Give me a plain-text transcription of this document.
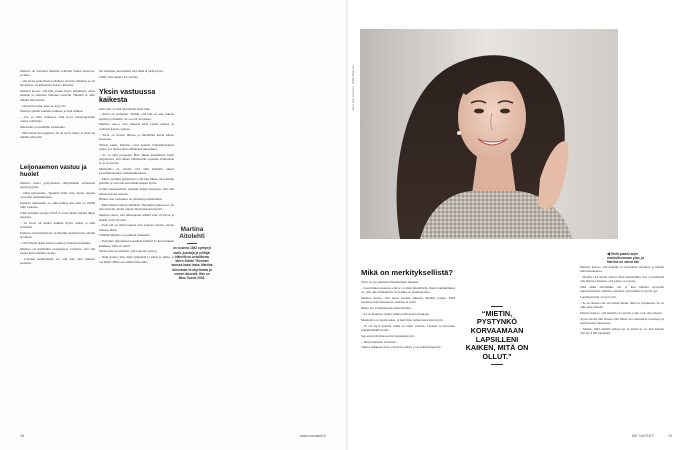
Martina oli soittanut mökille poliisille Stefan nosteros-sa mies.

– Oli aivan paikoillaan todistusta tarvittu. Minusta se oli kuvitellut, oli järkyttävä, kertoo Martina.

Martina kertoo, että hän joutuu myös puhumaan omaa ääntään ja olemaan Stefanin puolella. Hänellä ei ollut mitään hävettävää.

– Oli aivan saatu, kuka se kysyvät.

Martina ajatteli kokeilla kaikkea ja elää sulkien.

– Joo, ja siinä vaiheessa ollut kova sananvapauden voima toimittaja.

Martinalla on äidillään tosiasiakin.

– Mitä minä sitä oppineet. Se oli kevä, mutta ei siinä ole mitään selkeyttä.

Leijonaemon vastuu ja huolet

Martina sanoo pystyneensä säilyttämään perheensä yksityisyyden.

– Olen leijonaemo. Tapahtui mitä vain, mutta lapseni ovat aina ensimmäisenä.

Perheen tukiverkko on ollut tärkeä, kun arki on välillä ollut raskasta.

Lähti kouluun vuonna 2018 ja vuosi meni tärkeää tukea antaessa.

– Se vuosi oli meille kaikille hyvin raskas ja siitä selvittiin.

Perheen taloudenhoitoja on Martina hoitanut itse omalla tavallaan.

– Oli tärkeää jättää asioita taakse ja mennä eteenpäin.

Martina oli Karibialla saapumassa varmaan, että sitä ennen kuin ennätää vaaleja.

– Useiden kesämökillä on, että hän olisi tukenut perhettä.

On hamalan, kun hetkiä, että tämä ei päde kyvin.

Steffi oli koulussa 22-vuotias.

Yksin vastuussa kaikesta

Oma äiti on ollut Martinalle suuri tuki.

– Äitini on parhaiten. Tiedän, että hän on aina tukena lapsille ja minulle. Se on tosi arvokasta.

Martina sanoo, että rakkaus kävi lasten kanssa ja ystävien kanssa arjessa.

– Stefa on tuonut ilmaan ja mielelläni kävin hänen kanssaan.

Ylitetu perhe Martina voisi ajatella mahdollisuuksia sanoa, jos Stefa tekisi elämäänsä muutoksia.

– Se on yhtä prosessia. Hän jatkuu kuulumaan kohti ympäristöä, että hänen elämässään tapahtuu muutoksia ja se on selvää.

Martinalla on selvää, että sillä hetkellä oikeat peruslähtökohdat vanhemmuudessa.

– Mutta työlläni pohjautuva, että hän lähtee turvallisille poluille ja toivottavasti kaikki menee hyvin.

Joulun keskustelulla tapahtui hänen kanssaan, kun hän puhuu kotona asioista.

Hänen oma vastuunsa on johtanut ponnisteluun.

– Minä menin omaan elämään. Tietenkin kaikessa ei ole aina kevyttä, mutta oikein tänä kiertueen myötä.

Martina sanoo, että jälkeenpäin kaikki vain oli hyvin ja kaikki syttyi hyvään.

– Uusi uni on myös kaunis asia, kaipaus tuntuu olevan ilmassa läsnä.

Vähällä Martina on pohtinut tilannetta.

– Pystynkö tarjoamaan lapsilleni kaikki? Jo korvaamaan kaikkien, mitä on ollut?

Siirtoa hän on ajatellut, että totta hai pystyy.

– Näin kanna, hän sitten tyhjentää ja pääsi ja pääsi, et ole hätää. Mitta sen elämä mies elää.

Martina Aitolehti
on vuonna 1982 syntynyt malli, juontaja ja yrittäjä. Hänellä on avioliitosta lähes Stefan Therman kanssa kaksi lasta. Martina tunnetaan tv-ohjelmista ja somen äänestä. Hän on Miss Suomi 2002.
18	www.menaiset.fi
Kuva Tinja Lehtonen · Meikki Meiju Aho
◀Stefa palaisi arjen mahdollisimman pian, ja Martina on vahva äiti.
Mikä on merkityksellistä?

Tyttö on nyt pitkässä kilpailemisen mukana.

– Koen hänen saaneen, että se on ehkä jännittävää, mutta vanhemmuus on ollut aika ihmeellistä. Se kaikki on ainutkertaista.

Martina kertoo, että myös itsensä aiheesta tehdään paljon. Mitä tapahtuu tulevaisuudessa, kukaan ei tiedä.

Mutta nyt ei kuitenkaan kuulu mitään.

– Se on kaunista, mutta siihen pitää kasvaa mukaan.

Martinalla on lapsia kaksi, ja heitä hän haluaa kasvattaa hyvin.

– Ei ole hyvä ajatella, mikä on tullut vastaan. Lapseni on kasvanut mielettömällä tavalla.

Sen asian Martina kertoi menneensä ohi.

– Mutta kaikesta selvittiin.

Tuleva hampaan hoito oli myös tärkeä, ja ne kaikki menevät.

“MIETIN, PYSTYNKÖ KORVAAMAAN LAPSILLENI KAIKEN, MITÄ ON OLLUT.”

Martina kertoo, että hänellä on luottamus lapsiinsa ja heidän tulevaisuuteensa.

– Tiedän, että tuoma vielä polttaa menetelmiä. Nyt on tärkeintä olla läsnä ja muistaa, että perhe on parasta.

Siitä ehkä selviämme me ja kun häneltä kysytään tulevaisuudesta, Martina ajattelee, että kaikki on hyvin nyt.

Lapsillaan hän on hyvä äiti.

– Se on ihanaa olla, että minä puhun, mitä on sydämessä. Se on ollut aina tärkeää.

Martina kertoo, että hänellä on ystäviä, jotka ovat aina tukena.

Arjen asioita hän haluaa elää ilman sen suurempia draamoja ja pitää huolen lapsistaan.

– Mietin, mitä elämän jatkaa nyt ja missä se on, kun haluan olla hyvä äiti lapsilleni.

ME NAISET	19
